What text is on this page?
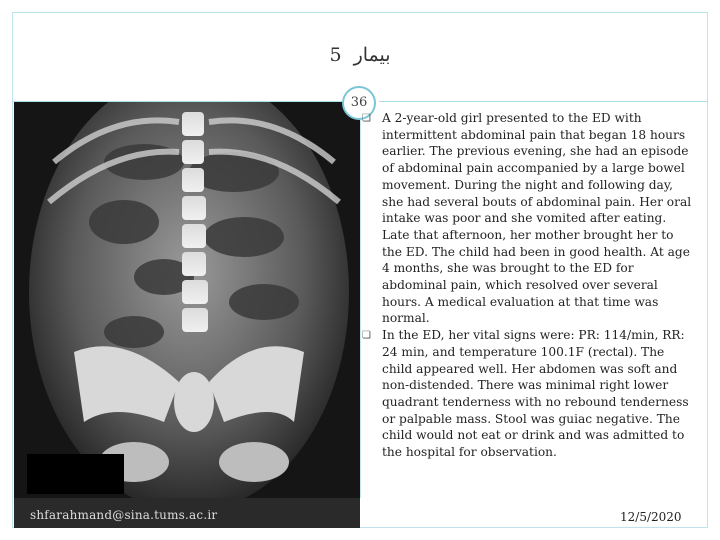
5 بیمار
36

❏ A 2-year-old girl presented to the ED with intermittent abdominal pain that began 18 hours earlier. The previous evening, she had an episode of abdominal pain accompanied by a large bowel movement. During the night and following day, she had several bouts of abdominal pain. Her oral intake was poor and she vomited after eating. Late that afternoon, her mother brought her to the ED. The child had been in good health. At age 4 months, she was brought to the ED for abdominal pain, which resolved over several hours. A medical evaluation at that time was normal.

❏ In the ED, her vital signs were: PR: 114/min, RR: 24 min, and temperature 100.1F (rectal). The child appeared well. Her abdomen was soft and non-distended. There was minimal right lower quadrant tenderness with no rebound tenderness or palpable mass. Stool was guiac negative. The child would not eat or drink and was admitted to the hospital for observation.

shfarahmand@sina.tums.ac.ir	12/5/2020
